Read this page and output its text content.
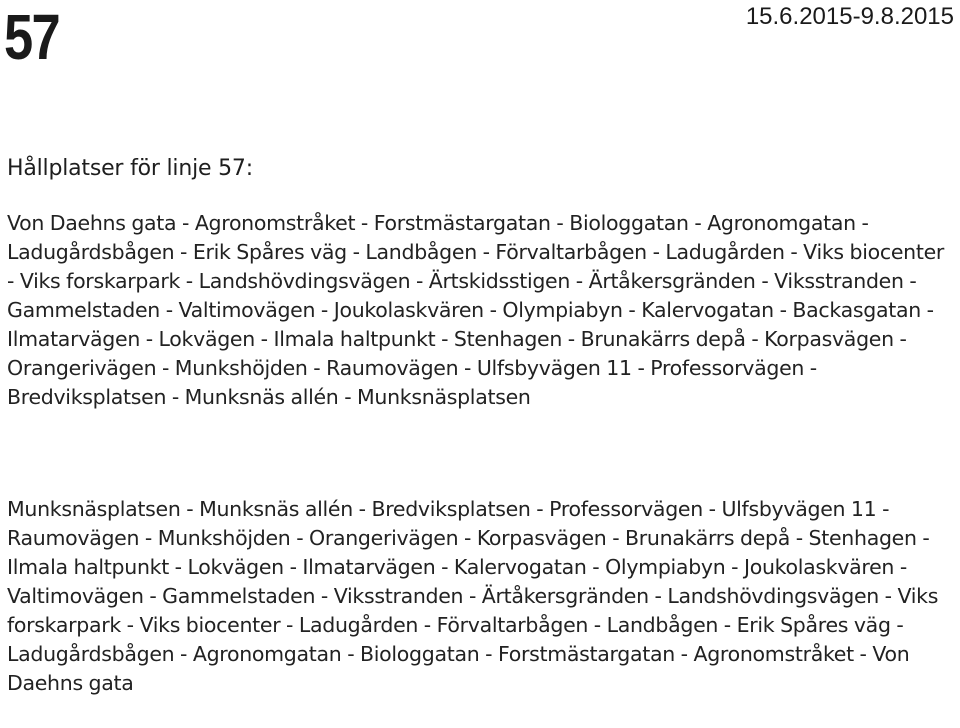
57	15.6.2015-9.8.2015
Hållplatser för linje 57:

Von Daehns gata - Agronomstråket - Forstmästargatan - Biologgatan - Agronomgatan - Ladugårdsbågen - Erik Spåres väg - Landbågen - Förvaltarbågen - Ladugården - Viks biocenter - Viks forskarpark - Landshövdingsvägen - Ärtskidsstigen - Ärtåkersgränden - Viksstranden - Gammelstaden - Valtimovägen - Joukolaskvären - Olympiabyn - Kalervogatan - Backasgatan - Ilmatarvägen - Lokvägen - Ilmala haltpunkt - Stenhagen - Brunakärrs depå - Korpasvägen - Orangerivägen - Munkshöjden - Raumovägen - Ulfsbyvägen 11 - Professorvägen - Bredviksplatsen - Munksnäs allén - Munksnäsplatsen

Munksnäsplatsen - Munksnäs allén - Bredviksplatsen - Professorvägen - Ulfsbyvägen 11 - Raumovägen - Munkshöjden - Orangerivägen - Korpasvägen - Brunakärrs depå - Stenhagen - Ilmala haltpunkt - Lokvägen - Ilmatarvägen - Kalervogatan - Olympiabyn - Joukolaskvären - Valtimovägen - Gammelstaden - Viksstranden - Ärtåkersgränden - Landshövdingsvägen - Viks forskarpark - Viks biocenter - Ladugården - Förvaltarbågen - Landbågen - Erik Spåres väg - Ladugårdsbågen - Agronomgatan - Biologgatan - Forstmästargatan - Agronomstråket - Von Daehns gata
